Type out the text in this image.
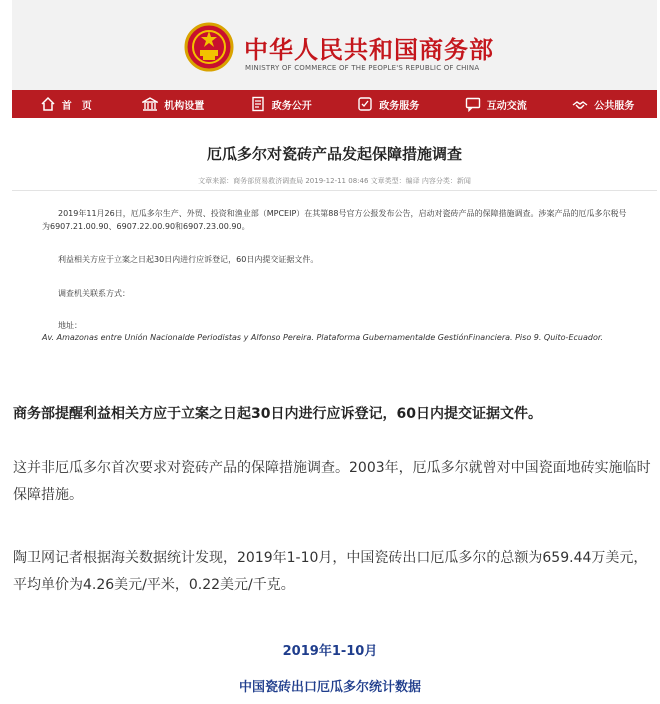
中华人民共和国商务部
MINISTRY OF COMMERCE OF THE PEOPLE'S REPUBLIC OF CHINA
首　页	机构设置	政务公开	政务服务	互动交流	公共服务
厄瓜多尔对瓷砖产品发起保障措施调查
文章来源：商务部贸易救济调查局 2019-12-11 08:46 文章类型：编译 内容分类：新闻
2019年11月26日，厄瓜多尔生产、外贸、投资和渔业部（MPCEIP）在其第88号官方公报发布公告，启动对瓷砖产品的保障措施调查。涉案产品的厄瓜多尔税号为6907.21.00.90、6907.22.00.90和6907.23.00.90。
利益相关方应于立案之日起30日内进行应诉登记，60日内提交证据文件。
调查机关联系方式：
地址：
Av. Amazonas entre Unión Nacionalde Periodistas y Alfonso Pereira. Plataforma Gubernamentalde GestiónFinanciera. Piso 9. Quito-Ecuador.
商务部提醒利益相关方应于立案之日起30日内进行应诉登记，60日内提交证据文件。
这并非厄瓜多尔首次要求对瓷砖产品的保障措施调查。2003年，厄瓜多尔就曾对中国瓷面地砖实施临时保障措施。
陶卫网记者根据海关数据统计发现，2019年1-10月，中国瓷砖出口厄瓜多尔的总额为659.44万美元，平均单价为4.26美元/平米，0.22美元/千克。
2019年1-10月
中国瓷砖出口厄瓜多尔统计数据
